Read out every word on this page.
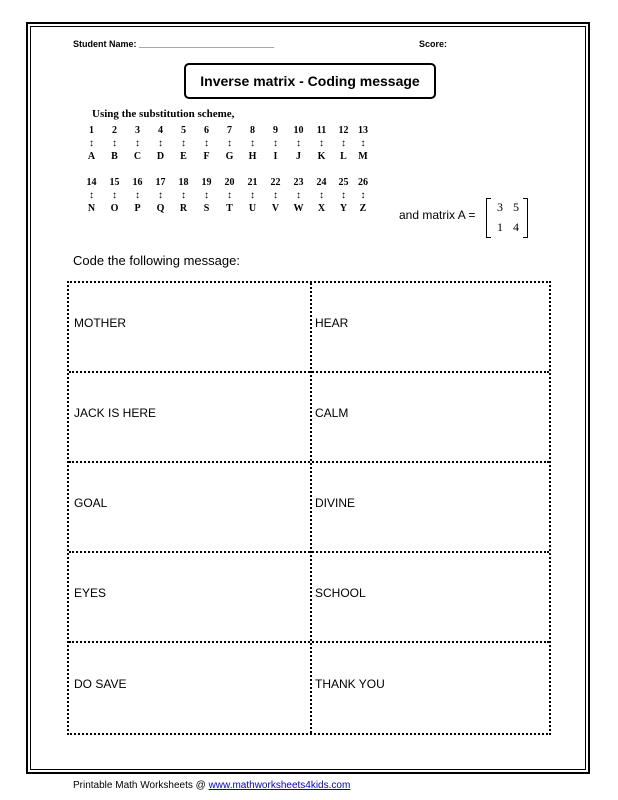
Student Name: ___________________________	Score:
Inverse matrix - Coding message
Using the substitution scheme,
1	2	3	4	5	6	7	8	9	10	11	12	13
↕	↕	↕	↕	↕	↕	↕	↕	↕	↕	↕	↕	↕
A	B	C	D	E	F	G	H	I	J	K	L	M
14	15	16	17	18	19	20	21	22	23	24	25	26
↕	↕	↕	↕	↕	↕	↕	↕	↕	↕	↕	↕	↕
N	O	P	Q	R	S	T	U	V	W	X	Y	Z	and matrix A =
3 5
1 4
Code the following message:
MOTHER	HEAR
JACK IS HERE	CALM
GOAL	DIVINE
EYES	SCHOOL
DO SAVE	THANK YOU
Printable Math Worksheets @ www.mathworksheets4kids.com
